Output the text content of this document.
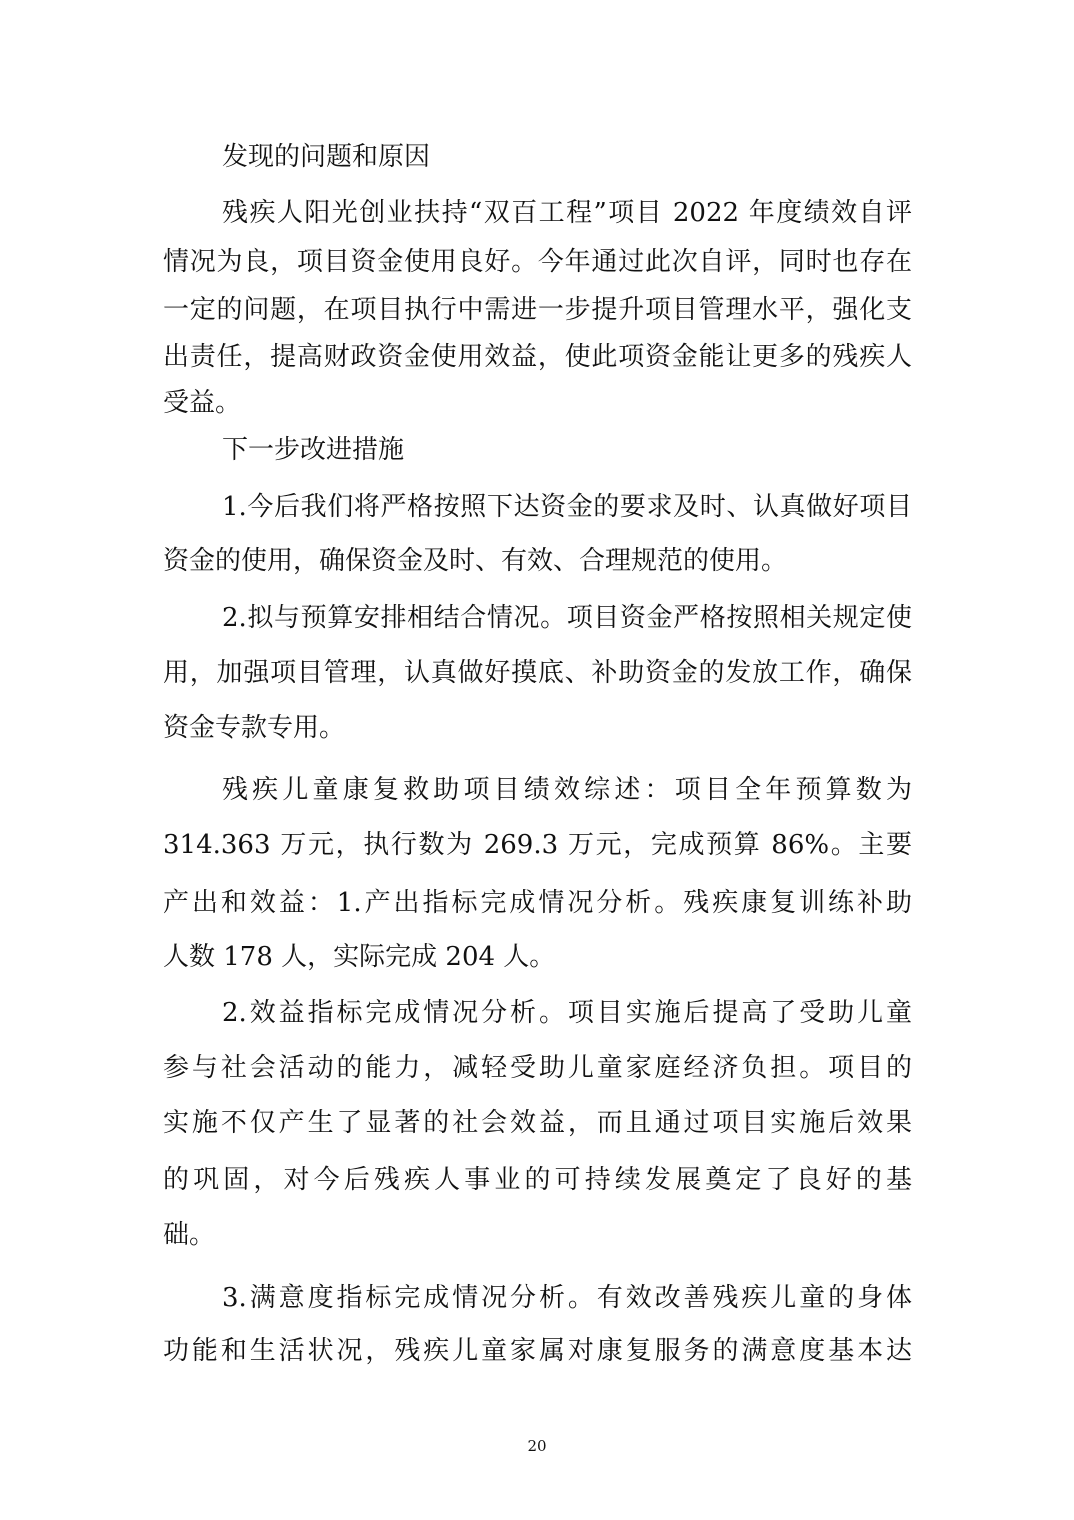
发现的问题和原因
残疾人阳光创业扶持“双百工程”项目 2022 年度绩效自评
情况为良，项目资金使用良好。今年通过此次自评，同时也存在
一定的问题，在项目执行中需进一步提升项目管理水平，强化支
出责任，提高财政资金使用效益，使此项资金能让更多的残疾人
受益。
下一步改进措施
1.今后我们将严格按照下达资金的要求及时、认真做好项目
资金的使用，确保资金及时、有效、合理规范的使用。
2.拟与预算安排相结合情况。项目资金严格按照相关规定使
用，加强项目管理，认真做好摸底、补助资金的发放工作，确保
资金专款专用。
残疾儿童康复救助项目绩效综述：项目全年预算数为
314.363 万元，执行数为 269.3 万元，完成预算 86%。主要
产出和效益：1.产出指标完成情况分析。残疾康复训练补助
人数 178 人，实际完成 204 人。
2.效益指标完成情况分析。项目实施后提高了受助儿童
参与社会活动的能力，减轻受助儿童家庭经济负担。项目的
实施不仅产生了显著的社会效益，而且通过项目实施后效果
的巩固，对今后残疾人事业的可持续发展奠定了良好的基
础。
3.满意度指标完成情况分析。有效改善残疾儿童的身体
功能和生活状况，残疾儿童家属对康复服务的满意度基本达
20
